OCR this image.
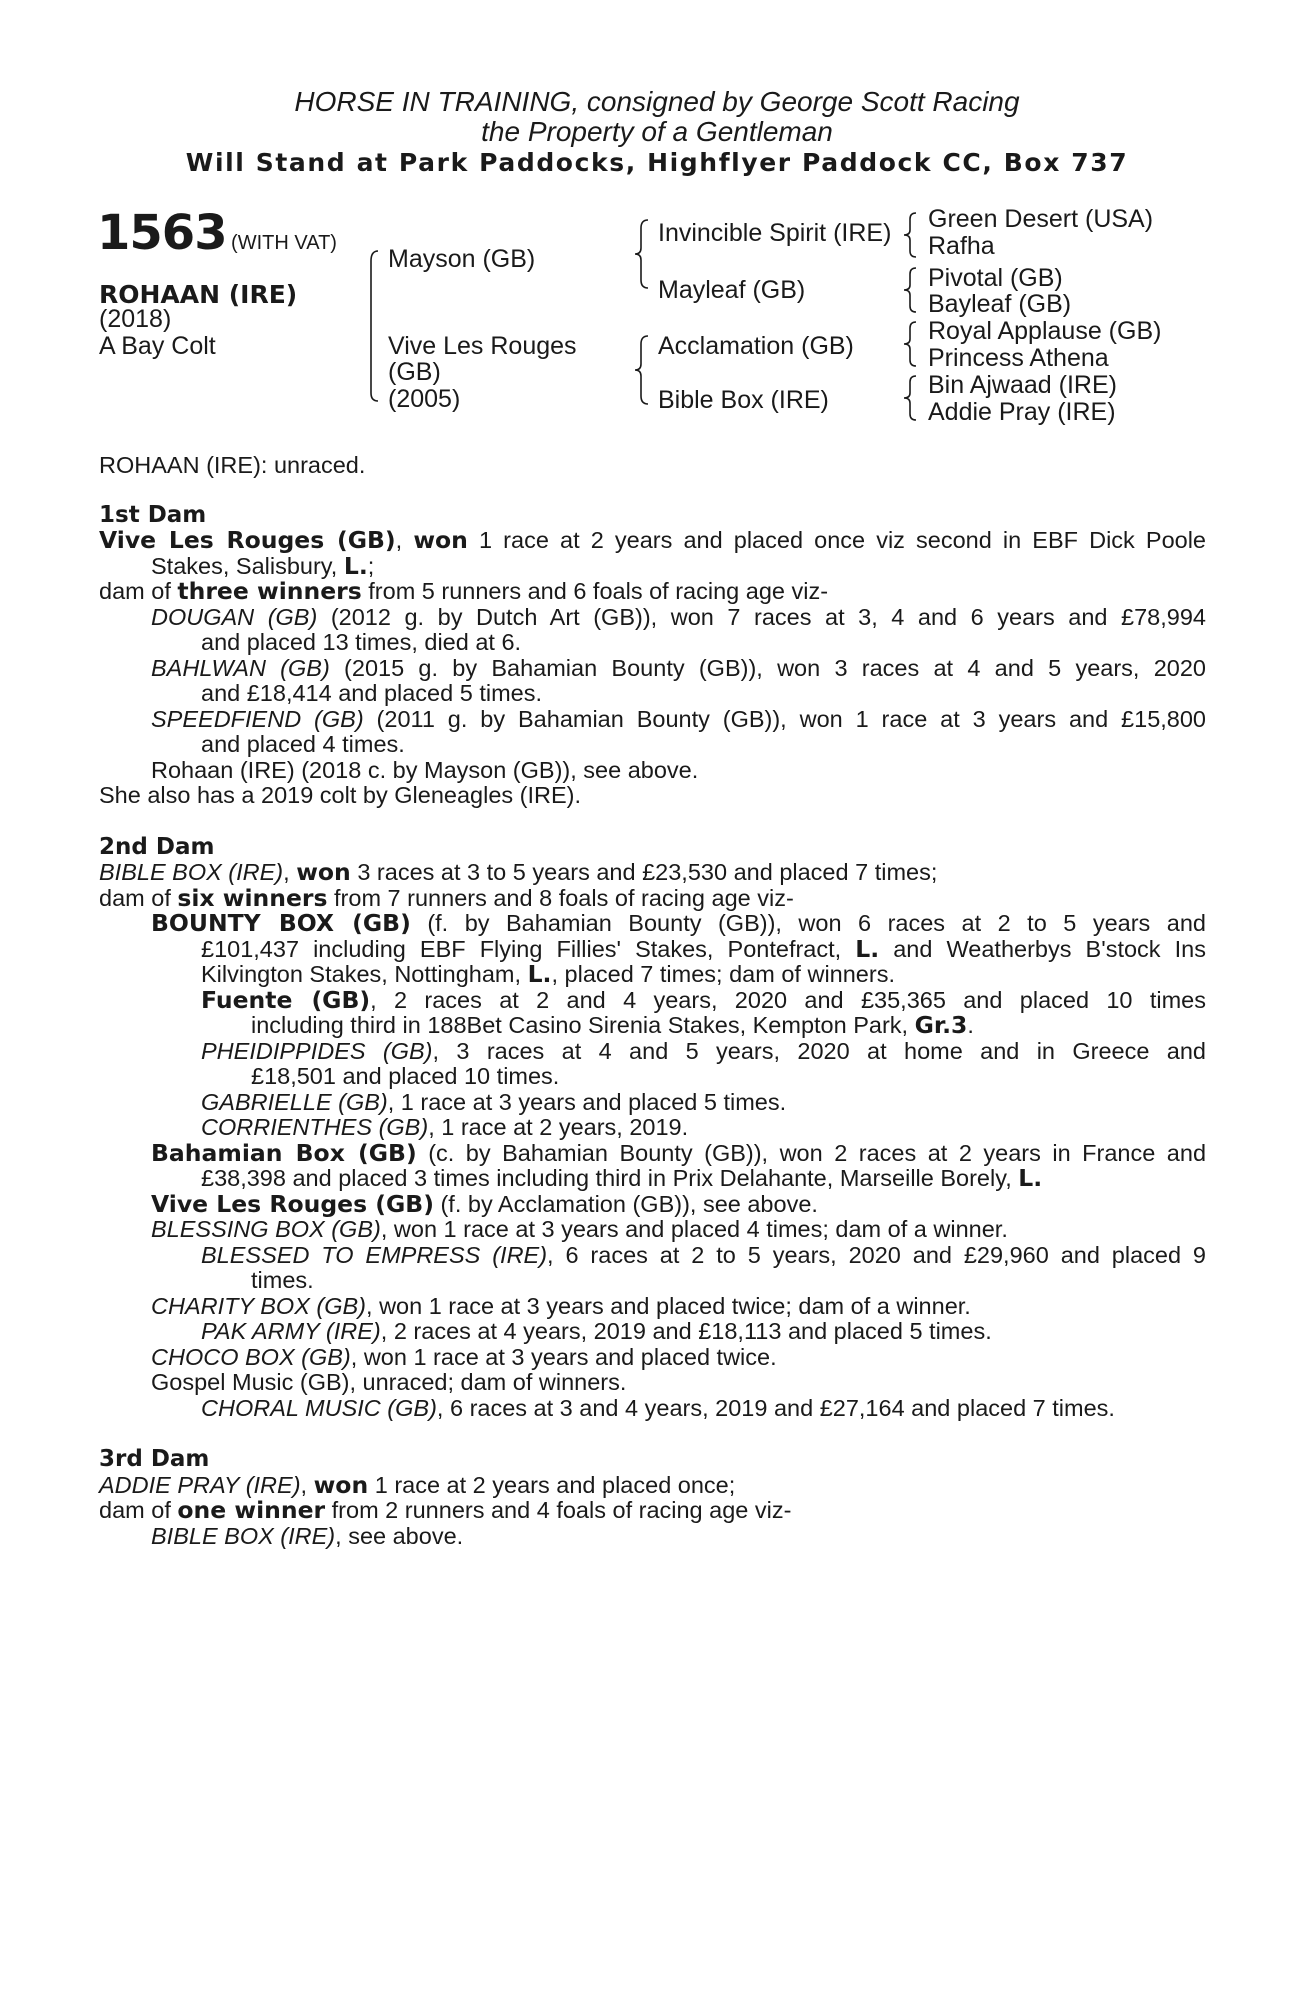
HORSE IN TRAINING, consigned by George Scott Racing
the Property of a Gentleman
Will Stand at Park Paddocks, Highflyer Paddock CC, Box 737
1563 (WITH VAT)
ROHAAN (IRE)
(2018)
A Bay Colt
Mayson (GB)
Vive Les Rouges
(GB)
(2005)
Invincible Spirit (IRE)
Mayleaf (GB)
Acclamation (GB)
Bible Box (IRE)
Green Desert (USA)
Rafha
Pivotal (GB)
Bayleaf (GB)
Royal Applause (GB)
Princess Athena
Bin Ajwaad (IRE)
Addie Pray (IRE)
ROHAAN (IRE): unraced.
1st Dam
Vive Les Rouges (GB), won 1 race at 2 years and placed once viz second in EBF Dick Poole
Stakes, Salisbury, L.;
dam of three winners from 5 runners and 6 foals of racing age viz-
DOUGAN (GB) (2012 g. by Dutch Art (GB)), won 7 races at 3, 4 and 6 years and £78,994
and placed 13 times, died at 6.
BAHLWAN (GB) (2015 g. by Bahamian Bounty (GB)), won 3 races at 4 and 5 years, 2020
and £18,414 and placed 5 times.
SPEEDFIEND (GB) (2011 g. by Bahamian Bounty (GB)), won 1 race at 3 years and £15,800
and placed 4 times.
Rohaan (IRE) (2018 c. by Mayson (GB)), see above.
She also has a 2019 colt by Gleneagles (IRE).
2nd Dam
BIBLE BOX (IRE), won 3 races at 3 to 5 years and £23,530 and placed 7 times;
dam of six winners from 7 runners and 8 foals of racing age viz-
BOUNTY BOX (GB) (f. by Bahamian Bounty (GB)), won 6 races at 2 to 5 years and
£101,437 including EBF Flying Fillies' Stakes, Pontefract, L. and Weatherbys B'stock Ins
Kilvington Stakes, Nottingham, L., placed 7 times; dam of winners.
Fuente (GB), 2 races at 2 and 4 years, 2020 and £35,365 and placed 10 times
including third in 188Bet Casino Sirenia Stakes, Kempton Park, Gr.3.
PHEIDIPPIDES (GB), 3 races at 4 and 5 years, 2020 at home and in Greece and
£18,501 and placed 10 times.
GABRIELLE (GB), 1 race at 3 years and placed 5 times.
CORRIENTHES (GB), 1 race at 2 years, 2019.
Bahamian Box (GB) (c. by Bahamian Bounty (GB)), won 2 races at 2 years in France and
£38,398 and placed 3 times including third in Prix Delahante, Marseille Borely, L.
Vive Les Rouges (GB) (f. by Acclamation (GB)), see above.
BLESSING BOX (GB), won 1 race at 3 years and placed 4 times; dam of a winner.
BLESSED TO EMPRESS (IRE), 6 races at 2 to 5 years, 2020 and £29,960 and placed 9
times.
CHARITY BOX (GB), won 1 race at 3 years and placed twice; dam of a winner.
PAK ARMY (IRE), 2 races at 4 years, 2019 and £18,113 and placed 5 times.
CHOCO BOX (GB), won 1 race at 3 years and placed twice.
Gospel Music (GB), unraced; dam of winners.
CHORAL MUSIC (GB), 6 races at 3 and 4 years, 2019 and £27,164 and placed 7 times.
3rd Dam
ADDIE PRAY (IRE), won 1 race at 2 years and placed once;
dam of one winner from 2 runners and 4 foals of racing age viz-
BIBLE BOX (IRE), see above.
